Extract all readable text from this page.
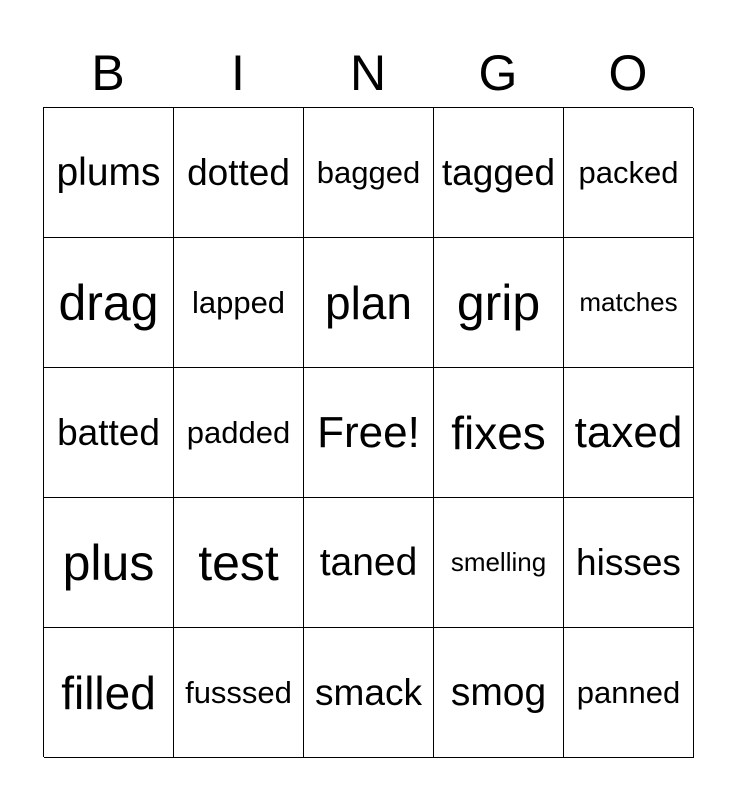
B	I	N	G	O
plums dotted bagged tagged packed
drag	lapped plan grip	matches
batted padded Free! fixes taxed
plus test	taned	smelling hisses
filled fusssed smack smog panned
